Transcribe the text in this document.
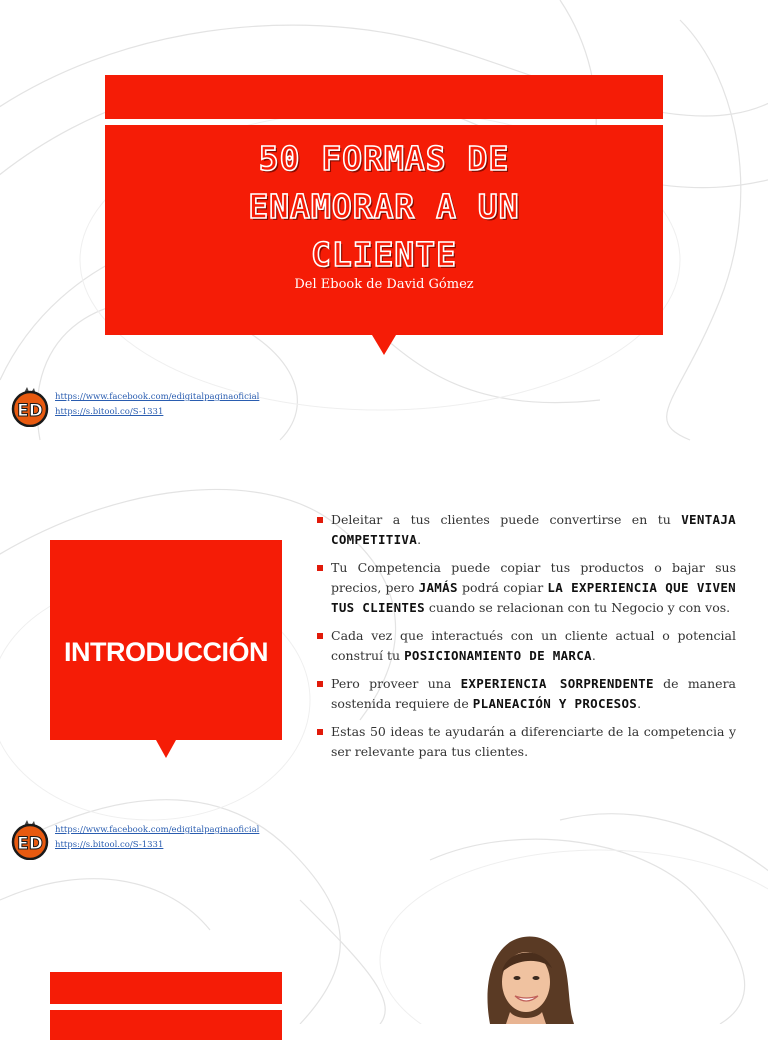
50 FORMAS DE
ENAMORAR A UN
CLIENTE
Del Ebook de David Gómez
ED
https://www.facebook.com/edigitalpaginaoficial
https://s.bitool.co/S-1331
INTRODUCCIÓN
Deleitar a tus clientes puede convertirse en tu VENTAJA COMPETITIVA.
Tu Competencia puede copiar tus productos o bajar sus precios, pero JAMÁS podrá copiar LA EXPERIENCIA QUE VIVEN TUS CLIENTES cuando se relacionan con tu Negocio y con vos.
Cada vez que interactués con un cliente actual o potencial construí tu POSICIONAMIENTO DE MARCA.
Pero proveer una EXPERIENCIA SORPRENDENTE de manera sostenida requiere de PLANEACIÓN Y PROCESOS.
Estas 50 ideas te ayudarán a diferenciarte de la competencia y ser relevante para tus clientes.
ED
https://www.facebook.com/edigitalpaginaoficial
https://s.bitool.co/S-1331
